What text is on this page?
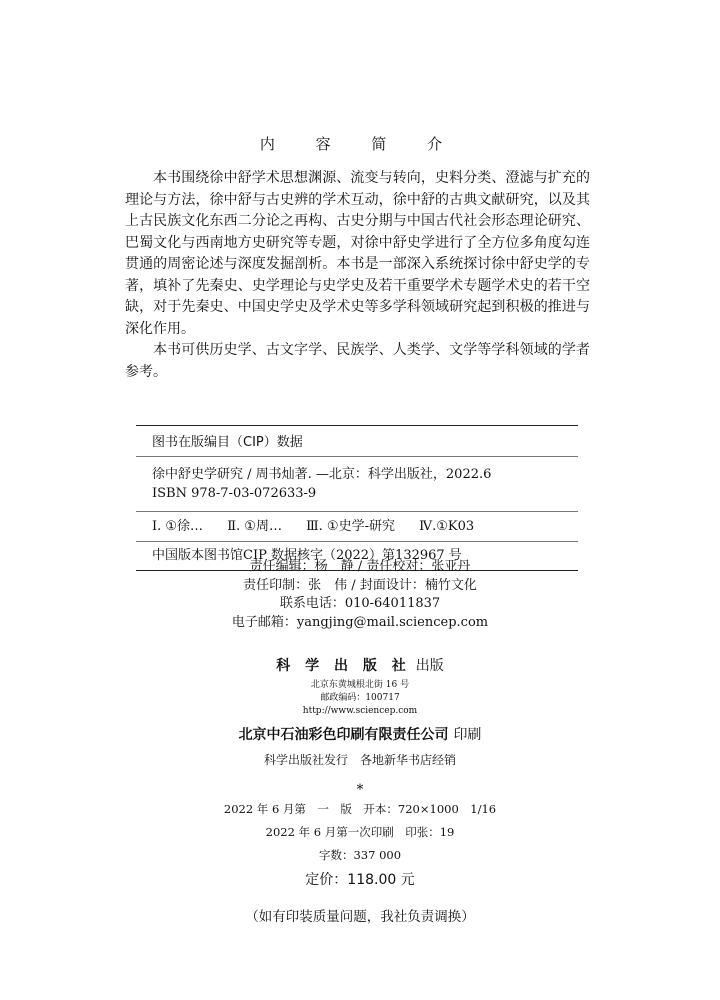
内 容 简 介

本书围绕徐中舒学术思想渊源、流变与转向，史料分类、澄滤与扩充的理论与方法，徐中舒与古史辨的学术互动，徐中舒的古典文献研究，以及其上古民族文化东西二分论之再构、古史分期与中国古代社会形态理论研究、巴蜀文化与西南地方史研究等专题，对徐中舒史学进行了全方位多角度勾连贯通的周密论述与深度发掘剖析。本书是一部深入系统探讨徐中舒史学的专著，填补了先秦史、史学理论与史学史及若干重要学术专题学术史的若干空缺，对于先秦史、中国史学史及学术史等多学科领域研究起到积极的推进与深化作用。

本书可供历史学、古文字学、民族学、人类学、文学等学科领域的学者参考。

图书在版编目（CIP）数据
徐中舒史学研究 / 周书灿著. —北京：科学出版社，2022.6
ISBN 978-7-03-072633-9
Ⅰ. ①徐… Ⅱ. ①周… Ⅲ. ①史学-研究 Ⅳ.①K03
中国版本图书馆CIP 数据核字（2022）第132967 号
责任编辑：杨　静 / 责任校对：张亚丹
责任印制：张　伟 / 封面设计：楠竹文化
联系电话：010-64011837
电子邮箱：yangjing@mail.sciencep.com
科 学 出 版 社 出版
北京东黄城根北街 16 号
邮政编码：100717
http://www.sciencep.com
北京中石油彩色印刷有限责任公司 印刷
科学出版社发行　各地新华书店经销
*
2022 年 6 月第　一　版　开本：720×1000　1/16
2022 年 6 月第一次印刷　印张：19
字数：337 000
定价：118.00 元
（如有印装质量问题，我社负责调换）
